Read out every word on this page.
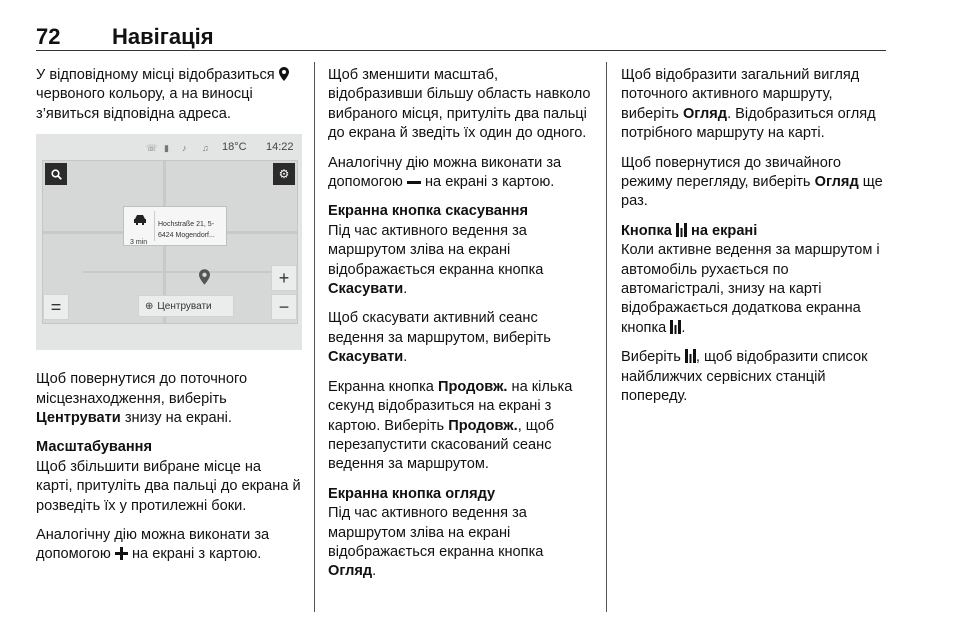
72 Навігація

У відповідному місці відобразиться  червоного кольору, а на виносці з’явиться відповідна адреса.

☏ ▮ ♪ ♫ 18°C 14:22
⚙
3 min
Hochstraße 21, 5-
6424 Mogendorf...
+
−
=	⊕ Центрувати

Щоб повернутися до поточного місцезнаходження, виберіть Центрувати знизу на екрані.

Масштабування

Щоб збільшити вибране місце на карті, притуліть два пальці до екрана й розведіть їх у протилежні боки.

Аналогічну дію можна виконати за допомогою на екрані з картою.

Щоб зменшити масштаб, відобразивши більшу область навколо вибраного місця, притуліть два пальці до екрана й зведіть їх один до одного.

Аналогічну дію можна виконати за допомогою на екрані з картою.

Екранна кнопка скасування

Під час активного ведення за маршрутом зліва на екрані відображається екранна кнопка Скасувати.

Щоб скасувати активний сеанс ведення за маршрутом, виберіть Скасувати.

Екранна кнопка Продовж. на кілька секунд відобразиться на екрані з картою. Виберіть Продовж., щоб перезапустити скасований сеанс ведення за маршрутом.

Екранна кнопка огляду

Під час активного ведення за маршрутом зліва на екрані відображається екранна кнопка Огляд.

Щоб відобразити загальний вигляд поточного активного маршруту, виберіть Огляд. Відобразиться огляд потрібного маршруту на карті.

Щоб повернутися до звичайного режиму перегляду, виберіть Огляд ще раз.

Кнопка на екрані

Коли активне ведення за маршрутом і автомобіль рухається по автомагістралі, знизу на карті відображається додаткова екранна кнопка .

Виберіть , щоб відобразити список найближчих сервісних станцій попереду.
